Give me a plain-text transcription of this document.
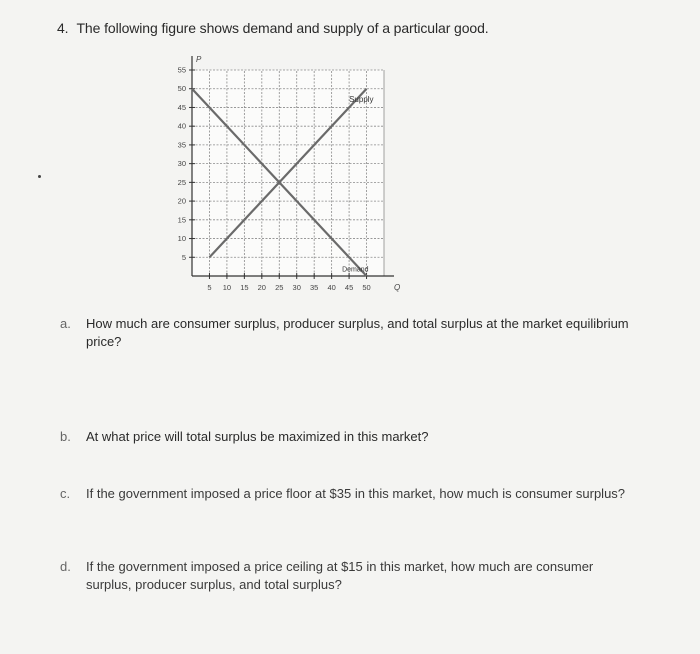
4. The following figure shows demand and supply of a particular good.
5 10 15 20 25 30 35 40 45 50
5
10
15
20
25
30
35
40
45
50
55
P
Q
Supply
Demand
a.	How much are consumer surplus, producer surplus, and total surplus at the market equilibrium price?
b.	At what price will total surplus be maximized in this market?
c.	If the government imposed a price floor at $35 in this market, how much is consumer surplus?
d.	If the government imposed a price ceiling at $15 in this market, how much are consumer surplus, producer surplus, and total surplus?
